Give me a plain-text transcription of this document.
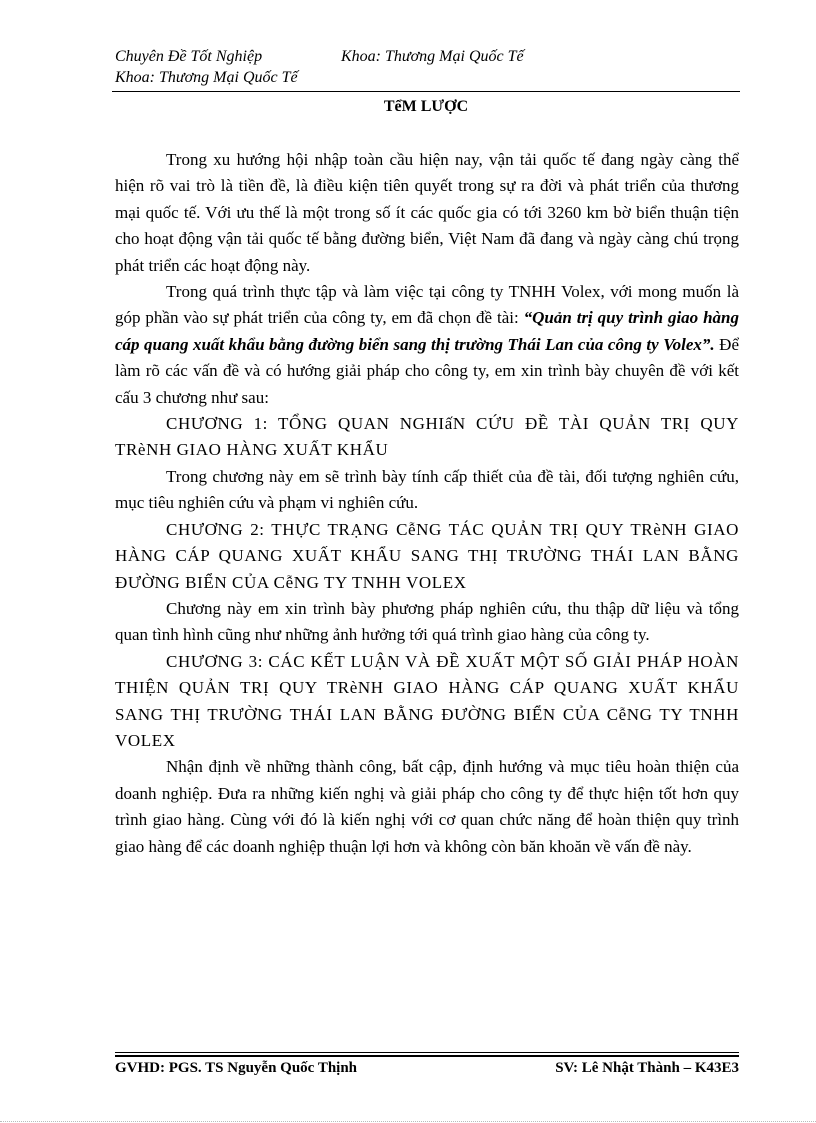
Chuyên Đề Tốt Nghiệp	Khoa: Thương Mại Quốc Tế
Khoa: Thương Mại Quốc Tế
TểM LƯỢC

Trong xu hướng hội nhập toàn cầu hiện nay, vận tải quốc tế đang ngày càng thể hiện rõ vai trò là tiền đề, là điều kiện tiên quyết trong sự ra đời và phát triển của thương mại quốc tế. Với ưu thế là một trong số ít các quốc gia có tới 3260 km bờ biển thuận tiện cho hoạt động vận tải quốc tế bằng đường biển, Việt Nam đã đang và ngày càng chú trọng phát triển các hoạt động này.

Trong quá trình thực tập và làm việc tại công ty TNHH Volex, với mong muốn là góp phần vào sự phát triển của công ty, em đã chọn đề tài: “Quản trị quy trình giao hàng cáp quang xuất khẩu bằng đường biển sang thị trường Thái Lan của công ty Volex”. Để làm rõ các vấn đề và có hướng giải pháp cho công ty, em xin trình bày chuyên đề với kết cấu 3 chương như sau:

CHƯƠNG 1: TỔNG QUAN NGHIấN CỨU ĐỀ TÀI QUẢN TRỊ QUY TRèNH GIAO HÀNG XUẤT KHẨU

Trong chương này em sẽ trình bày tính cấp thiết của đề tài, đối tượng nghiên cứu, mục tiêu nghiên cứu và phạm vi nghiên cứu.

CHƯƠNG 2: THỰC TRẠNG CễNG TÁC QUẢN TRỊ QUY TRèNH GIAO HÀNG CÁP QUANG XUẤT KHẨU SANG THỊ TRƯỜNG THÁI LAN BẰNG ĐƯỜNG BIỂN CỦA CễNG TY TNHH VOLEX

Chương này em xin trình bày phương pháp nghiên cứu, thu thập dữ liệu và tổng quan tình hình cũng như những ảnh hưởng tới quá trình giao hàng của công ty.

CHƯƠNG 3: CÁC KẾT LUẬN VÀ ĐỀ XUẤT MỘT SỐ GIẢI PHÁP HOÀN THIỆN QUẢN TRỊ QUY TRèNH GIAO HÀNG CÁP QUANG XUẤT KHẨU SANG THỊ TRƯỜNG THÁI LAN BẰNG ĐƯỜNG BIỂN CỦA CễNG TY TNHH VOLEX

Nhận định về những thành công, bất cập, định hướng và mục tiêu hoàn thiện của doanh nghiệp. Đưa ra những kiến nghị và giải pháp cho công ty để thực hiện tốt hơn quy trình giao hàng. Cùng với đó là kiến nghị với cơ quan chức năng để hoàn thiện quy trình giao hàng để các doanh nghiệp thuận lợi hơn và không còn băn khoăn về vấn đề này.

GVHD: PGS. TS Nguyễn Quốc Thịnh	SV: Lê Nhật Thành – K43E3
